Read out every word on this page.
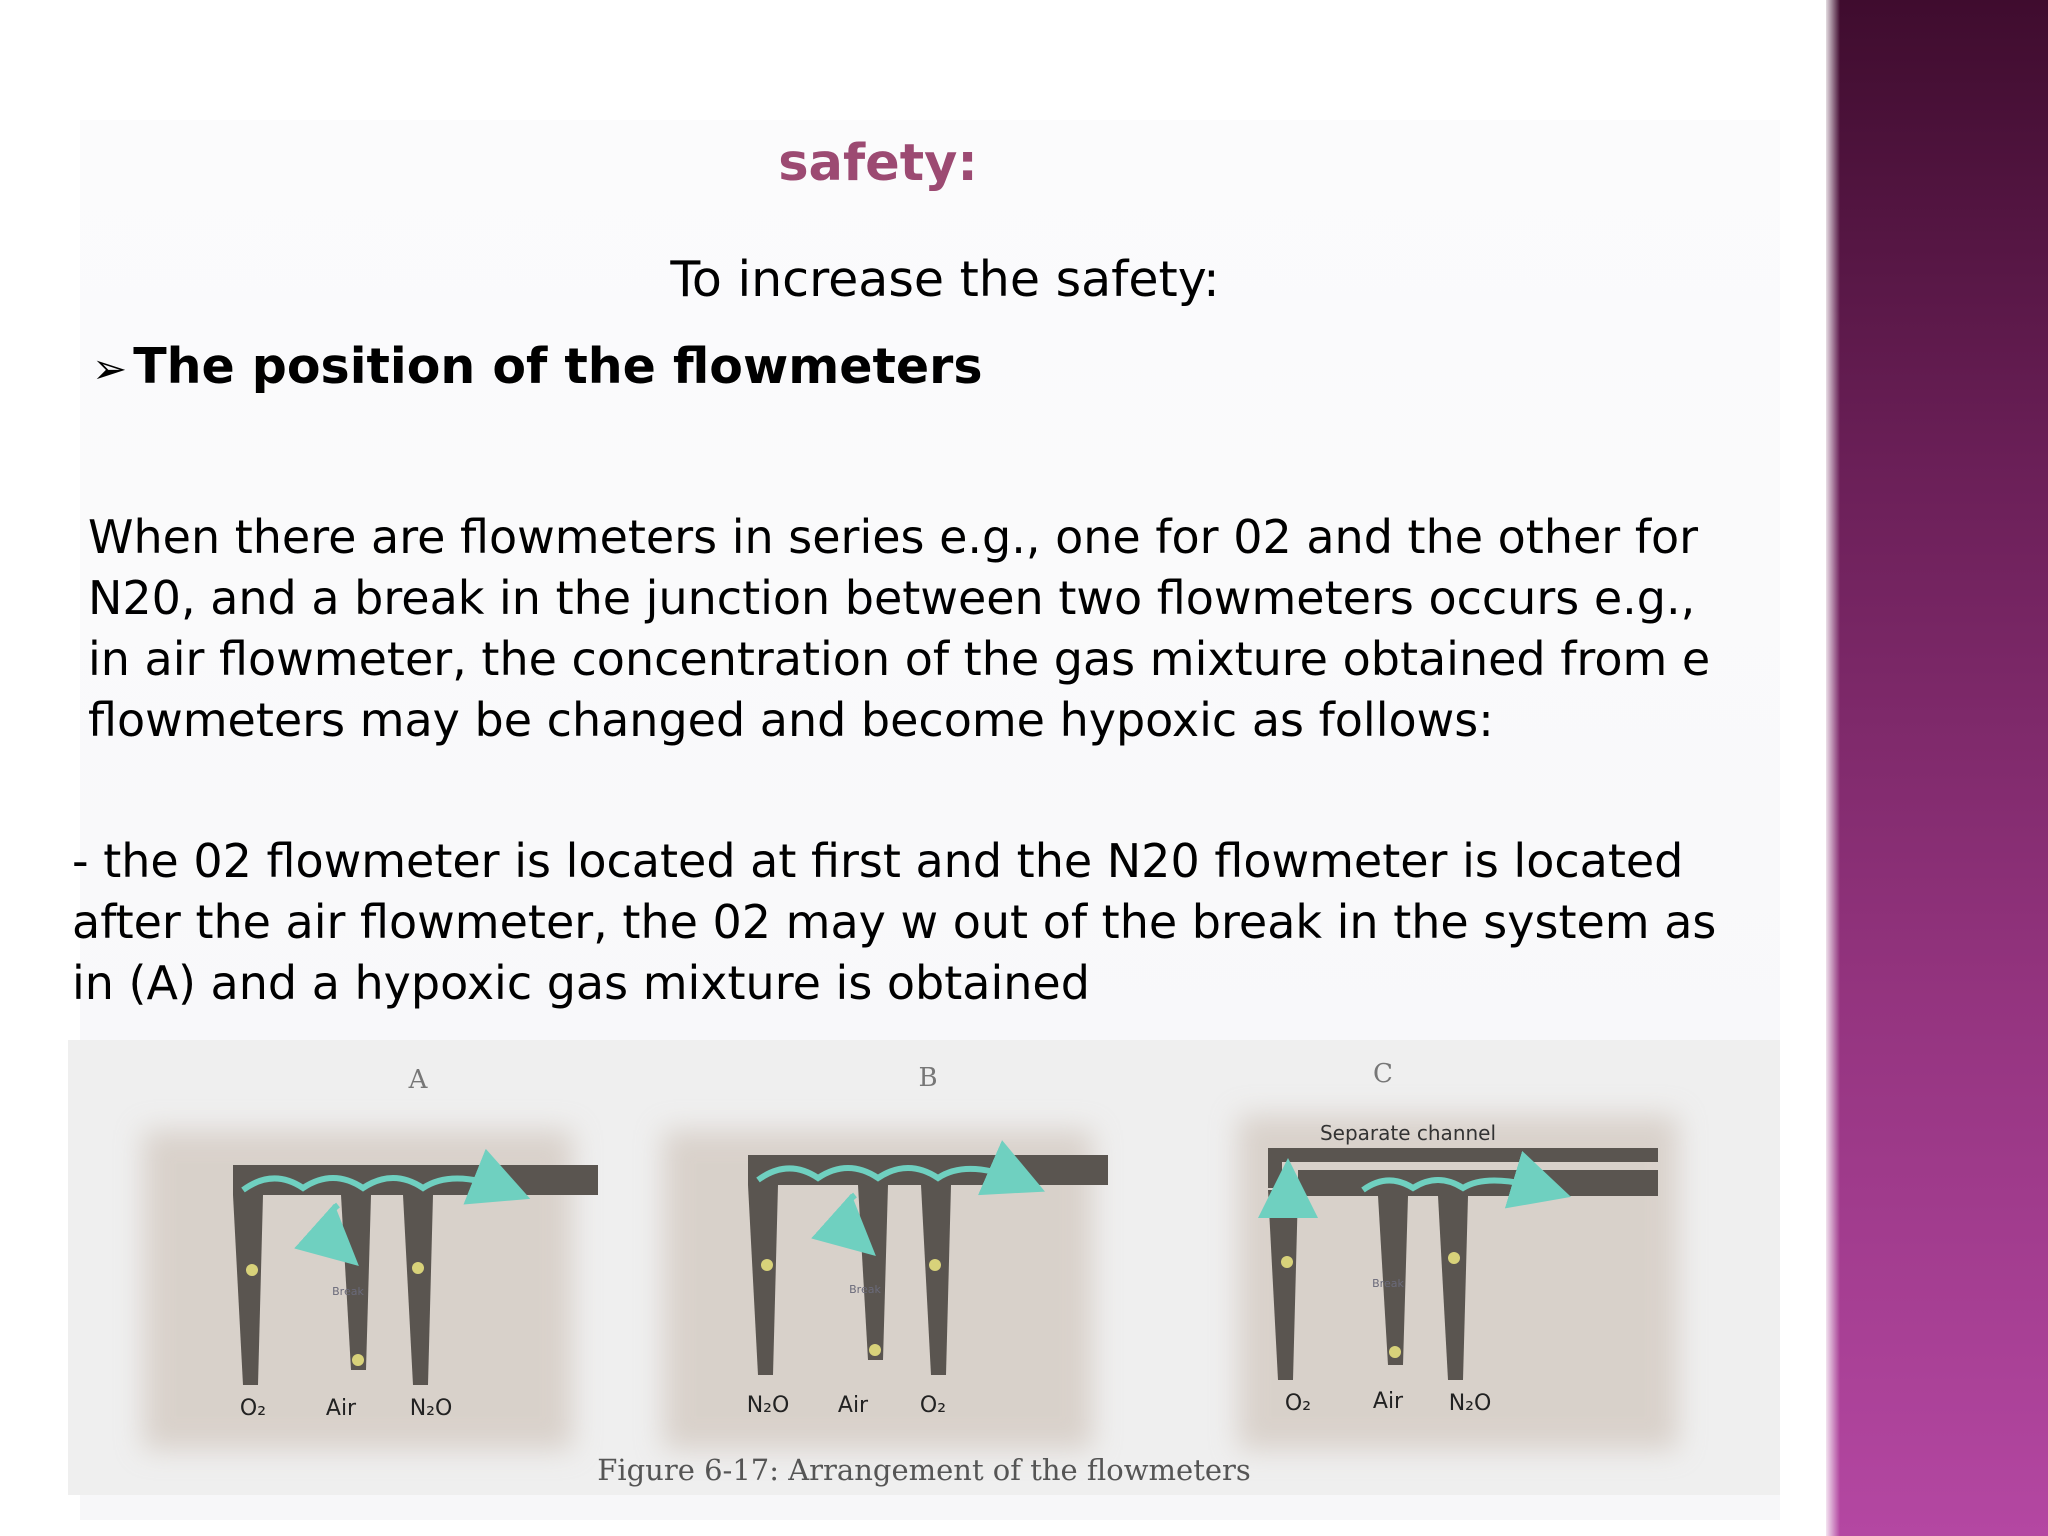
safety:
To increase the safety:
➢ The position of the flowmeters
When there are flowmeters in series e.g., one for 02 and the other for
N20, and a break in the junction between two flowmeters occurs e.g.,
in air flowmeter, the concentration of the gas mixture obtained from e
flowmeters may be changed and become hypoxic as follows:
- the 02 flowmeter is located at first and the N20 flowmeter is located
after the air flowmeter, the 02 may w out of the break in the system as
in (A) and a hypoxic gas mixture is obtained
A
Break
O₂	Air N₂O
B
Break
N₂O Air O₂
C
Separate channel
Break
O₂	Air N₂O
Figure 6-17: Arrangement of the flowmeters
